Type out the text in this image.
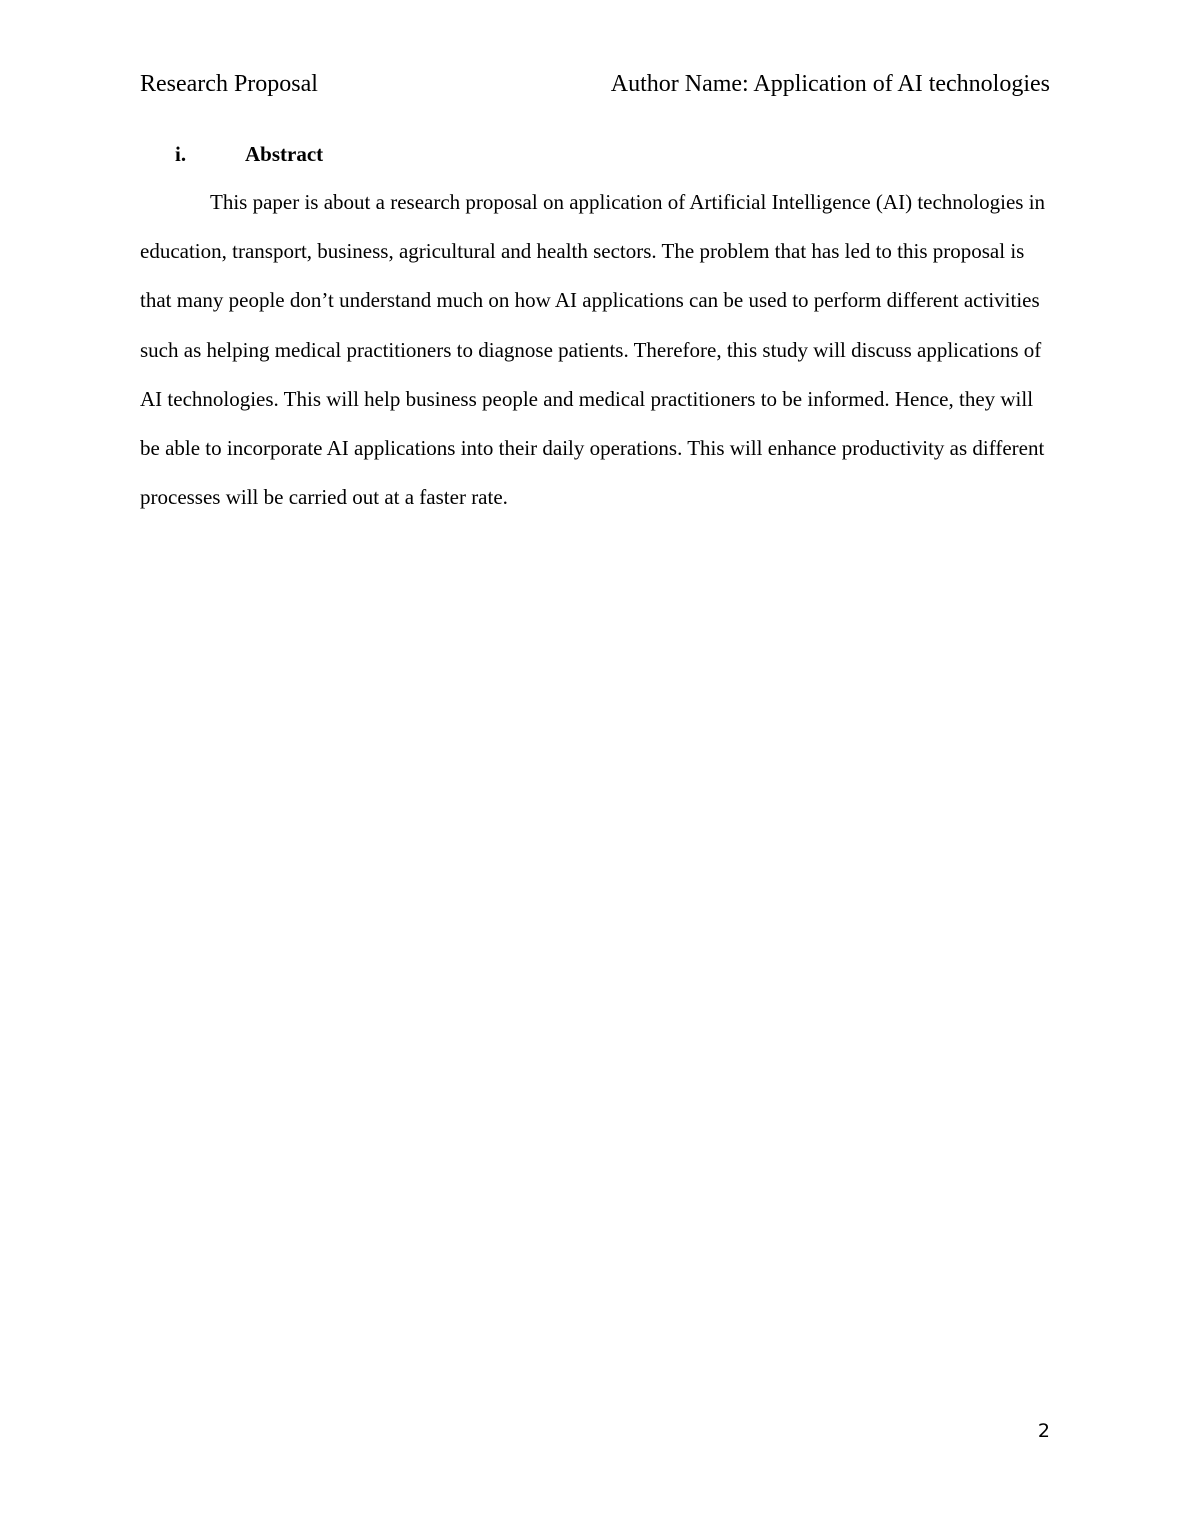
Research Proposal	Author Name: Application of AI technologies
i.	Abstract

This paper is about a research proposal on application of Artificial Intelligence (AI) technologies in education, transport, business, agricultural and health sectors. The problem that has led to this proposal is that many people don’t understand much on how AI applications can be used to perform different activities such as helping medical practitioners to diagnose patients. Therefore, this study will discuss applications of AI technologies. This will help business people and medical practitioners to be informed. Hence, they will be able to incorporate AI applications into their daily operations. This will enhance productivity as different processes will be carried out at a faster rate.

2
